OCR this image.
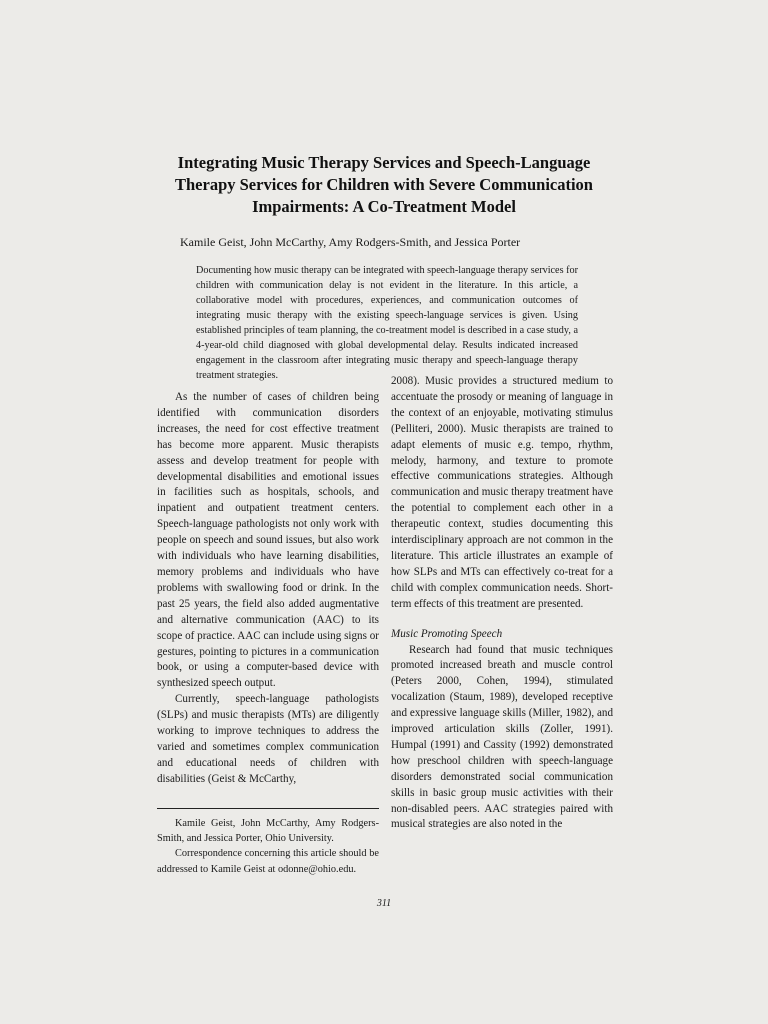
Integrating Music Therapy Services and Speech-Language Therapy Services for Children with Severe Communication Impairments: A Co-Treatment Model
Kamile Geist, John McCarthy, Amy Rodgers-Smith, and Jessica Porter
Documenting how music therapy can be integrated with speech-language therapy services for children with communication delay is not evident in the literature. In this article, a collaborative model with procedures, experiences, and communication outcomes of integrating music therapy with the existing speech-language services is given. Using established principles of team planning, the co-treatment model is described in a case study, a 4-year-old child diagnosed with global developmental delay. Results indicated increased engagement in the classroom after integrating music therapy and speech-language therapy treatment strategies.

As the number of cases of children being identified with communication disorders increases, the need for cost effective treatment has become more apparent. Music therapists assess and develop treatment for people with developmental disabilities and emotional issues in facilities such as hospitals, schools, and inpatient and outpatient treatment centers. Speech-language pathologists not only work with people on speech and sound issues, but also work with individuals who have learning disabilities, memory problems and individuals who have problems with swallowing food or drink. In the past 25 years, the field also added augmentative and alternative communication (AAC) to its scope of practice. AAC can include using signs or gestures, pointing to pictures in a communication book, or using a computer-based device with synthesized speech output.

Currently, speech-language pathologists (SLPs) and music therapists (MTs) are diligently working to improve techniques to address the varied and sometimes complex communication and educational needs of children with disabilities (Geist & McCarthy,

2008). Music provides a structured medium to accentuate the prosody or meaning of language in the context of an enjoyable, motivating stimulus (Pelliteri, 2000). Music therapists are trained to adapt elements of music e.g. tempo, rhythm, melody, harmony, and texture to promote effective communications strategies. Although communication and music therapy treatment have the potential to complement each other in a therapeutic context, studies documenting this interdisciplinary approach are not common in the literature. This article illustrates an example of how SLPs and MTs can effectively co-treat for a child with complex communication needs. Short-term effects of this treatment are presented.

Music Promoting Speech

Research had found that music techniques promoted increased breath and muscle control (Peters 2000, Cohen, 1994), stimulated vocalization (Staum, 1989), developed receptive and expressive language skills (Miller, 1982), and improved articulation skills (Zoller, 1991). Humpal (1991) and Cassity (1992) demonstrated how preschool children with speech-language disorders demonstrated social communication skills in basic group music activities with their non-disabled peers. AAC strategies paired with musical strategies are also noted in the

Kamile Geist, John McCarthy, Amy Rodgers-Smith, and Jessica Porter, Ohio University.

Correspondence concerning this article should be addressed to Kamile Geist at odonne@ohio.edu.

311
